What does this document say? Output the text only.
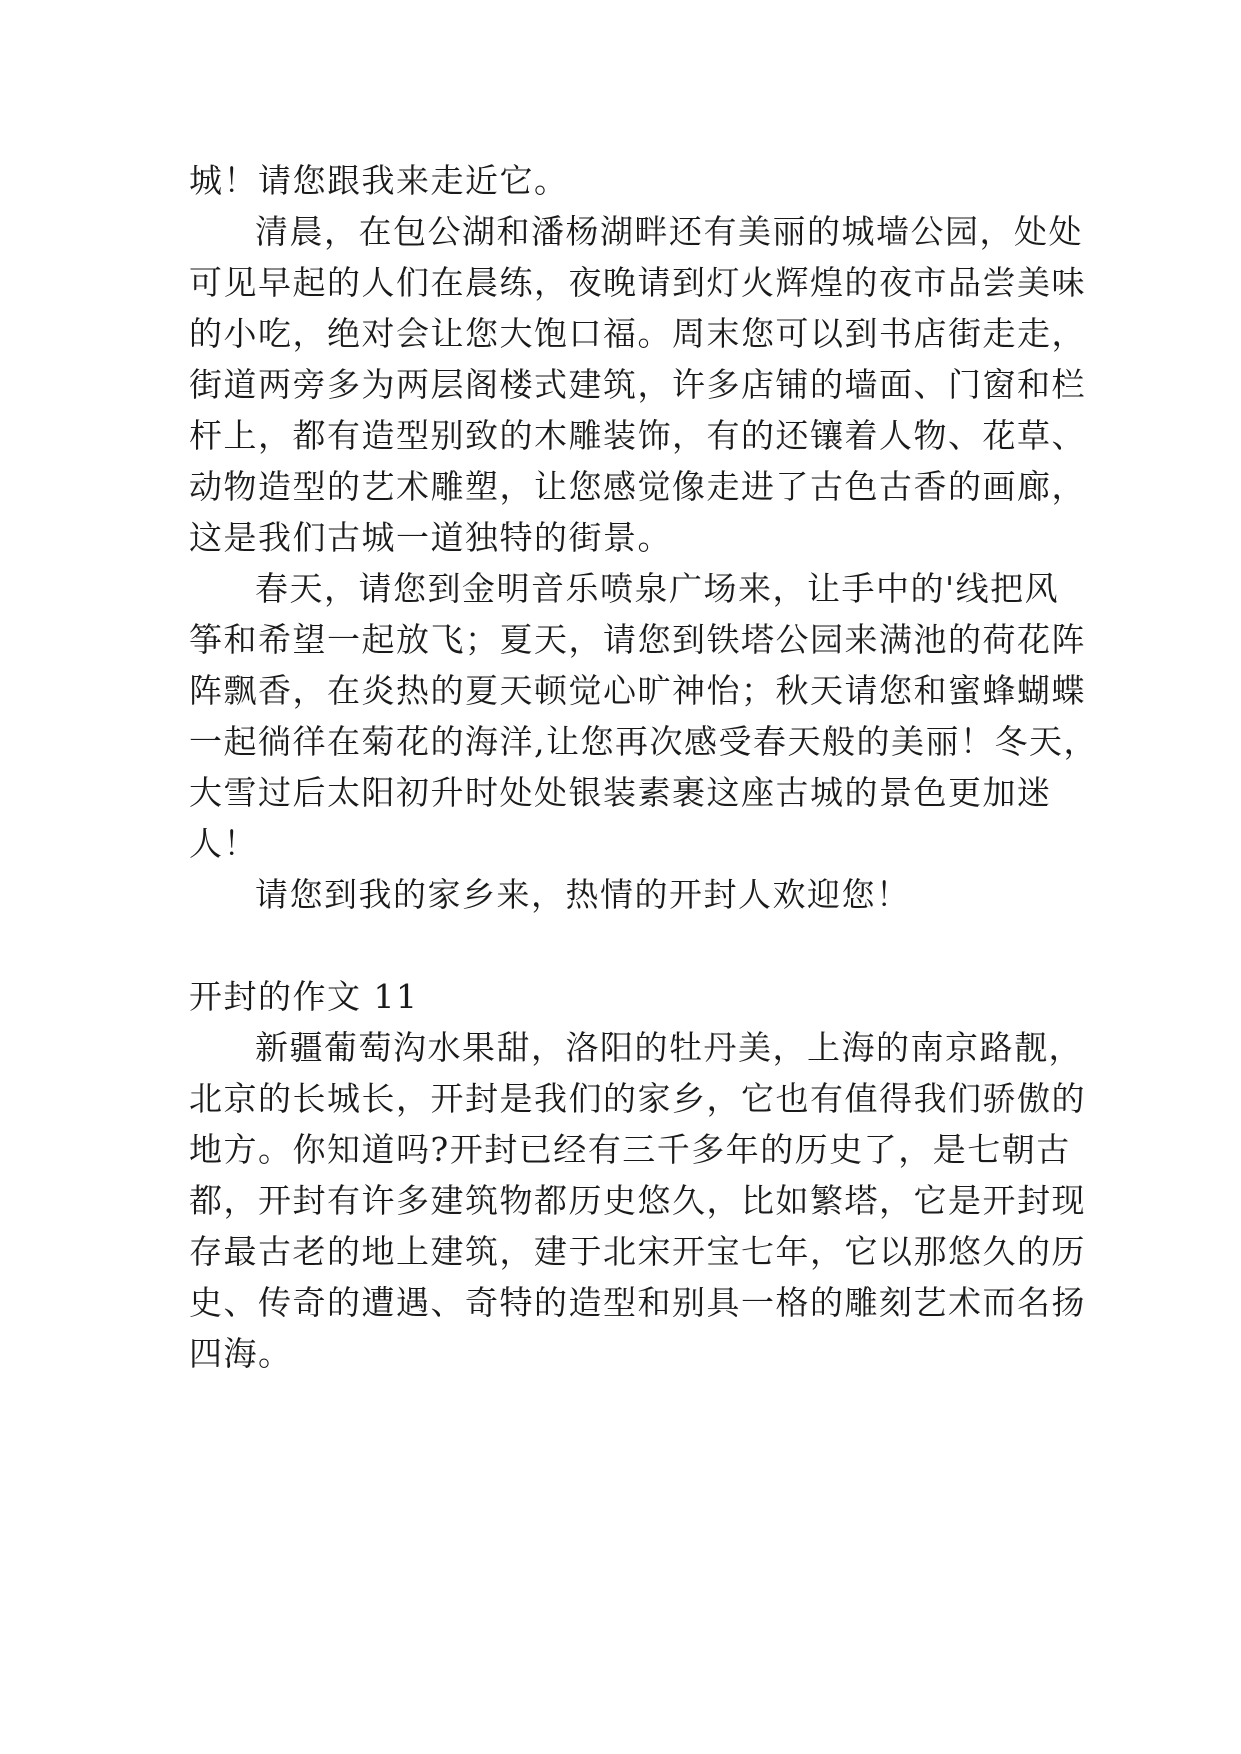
城！请您跟我来走近它。
清晨，在包公湖和潘杨湖畔还有美丽的城墙公园，处处
可见早起的人们在晨练，夜晚请到灯火辉煌的夜市品尝美味
的小吃，绝对会让您大饱口福。周末您可以到书店街走走，
街道两旁多为两层阁楼式建筑，许多店铺的墙面、门窗和栏
杆上，都有造型别致的木雕装饰，有的还镶着人物、花草、
动物造型的艺术雕塑，让您感觉像走进了古色古香的画廊，
这是我们古城一道独特的街景。
春天，请您到金明音乐喷泉广场来，让手中的'线把风
筝和希望一起放飞；夏天，请您到铁塔公园来满池的荷花阵
阵飘香，在炎热的夏天顿觉心旷神怡；秋天请您和蜜蜂蝴蝶
一起徜徉在菊花的海洋,让您再次感受春天般的美丽！冬天，
大雪过后太阳初升时处处银装素裹这座古城的景色更加迷
人！
请您到我的家乡来，热情的开封人欢迎您！
开封的作文 11
新疆葡萄沟水果甜，洛阳的牡丹美，上海的南京路靓，
北京的长城长，开封是我们的家乡，它也有值得我们骄傲的
地方。你知道吗?开封已经有三千多年的历史了，是七朝古
都，开封有许多建筑物都历史悠久，比如繁塔，它是开封现
存最古老的地上建筑，建于北宋开宝七年，它以那悠久的历
史、传奇的遭遇、奇特的造型和别具一格的雕刻艺术而名扬
四海。
